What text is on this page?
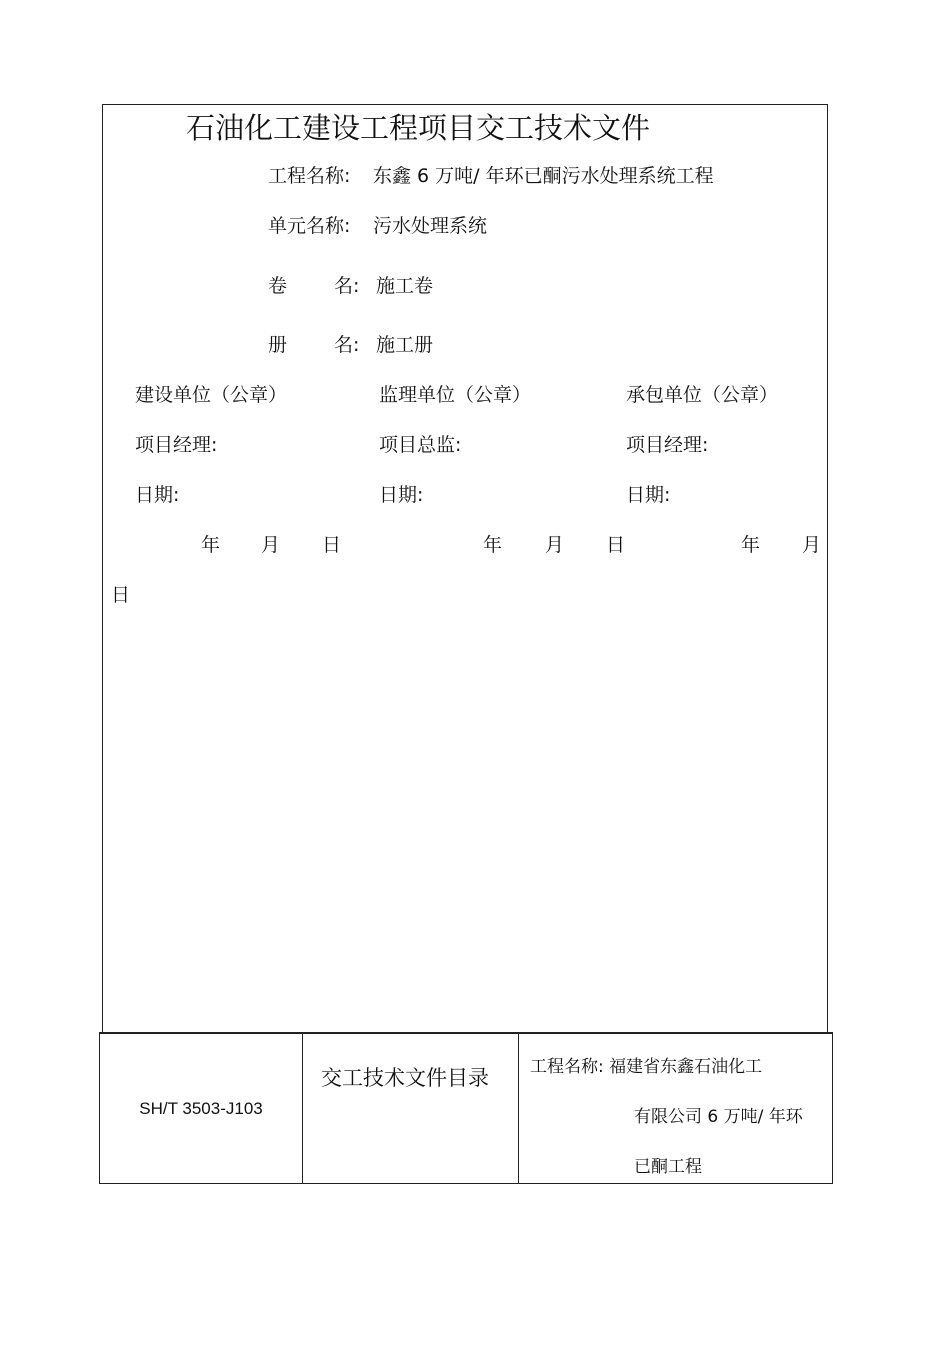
石油化工建设工程项目交工技术文件
工程名称: 东鑫 6 万吨/ 年环已酮污水处理系统工程
单元名称: 污水处理系统
卷 名: 施工卷
册 名: 施工册
建设单位（公章）	监理单位（公章）	承包单位（公章）
项目经理:	项目总监:	项目经理:
日期:	日期:	日期:
年 月 日	年 月 日	年 月
日
SH/T 3503-J103	交工技术文件目录	工程名称: 福建省东鑫石油化工
有限公司 6 万吨/ 年环
已酮工程
